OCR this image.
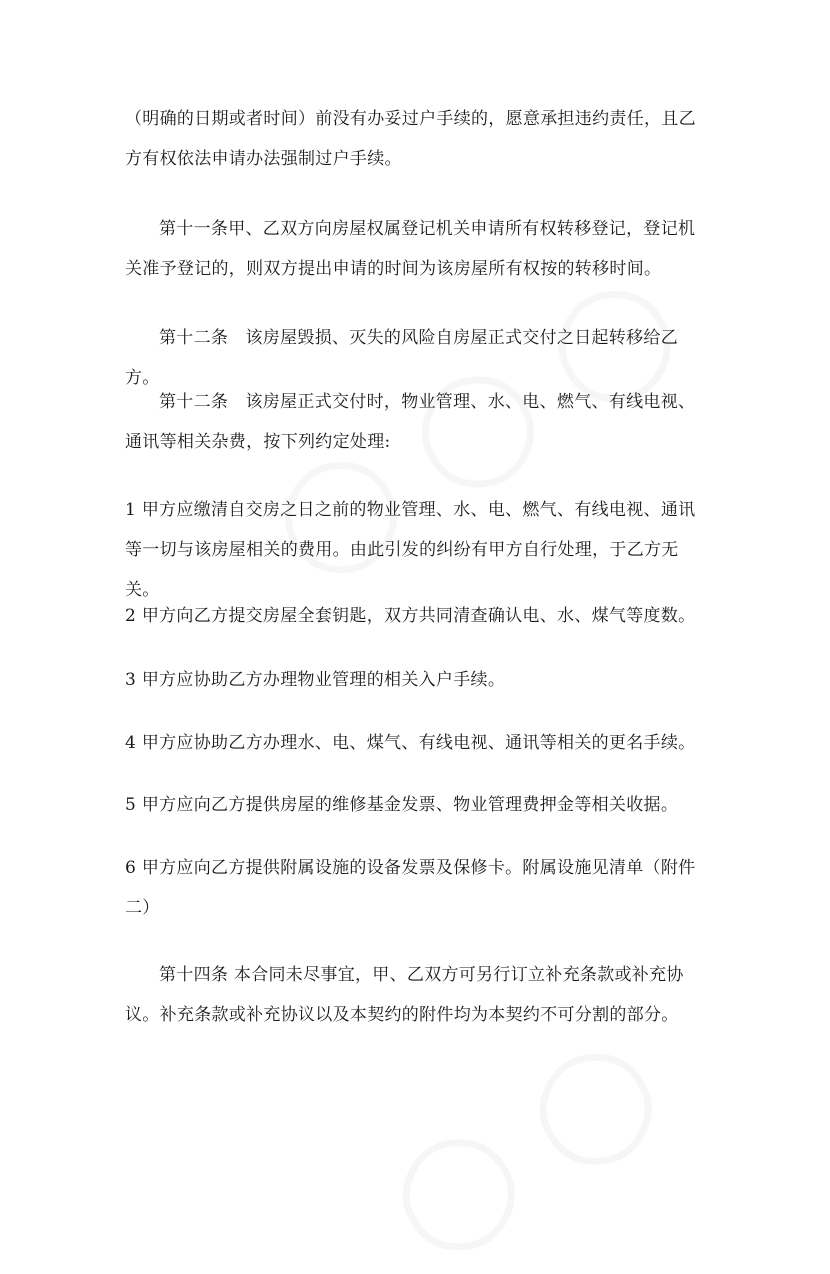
（明确的日期或者时间）前没有办妥过户手续的，愿意承担违约责任，且乙方有权依法申请办法强制过户手续。

第十一条甲、乙双方向房屋权属登记机关申请所有权转移登记，登记机关准予登记的，则双方提出申请的时间为该房屋所有权按的转移时间。

第十二条　该房屋毁损、灭失的风险自房屋正式交付之日起转移给乙方。

第十二条　该房屋正式交付时，物业管理、水、电、燃气、有线电视、通讯等相关杂费，按下列约定处理:

1 甲方应缴清自交房之日之前的物业管理、水、电、燃气、有线电视、通讯等一切与该房屋相关的费用。由此引发的纠纷有甲方自行处理，于乙方无关。

2 甲方向乙方提交房屋全套钥匙，双方共同清查确认电、水、煤气等度数。

3 甲方应协助乙方办理物业管理的相关入户手续。

4 甲方应协助乙方办理水、电、煤气、有线电视、通讯等相关的更名手续。

5 甲方应向乙方提供房屋的维修基金发票、物业管理费押金等相关收据。

6 甲方应向乙方提供附属设施的设备发票及保修卡。附属设施见清单（附件二）

第十四条 本合同未尽事宜，甲、乙双方可另行订立补充条款或补充协议。补充条款或补充协议以及本契约的附件均为本契约不可分割的部分。
